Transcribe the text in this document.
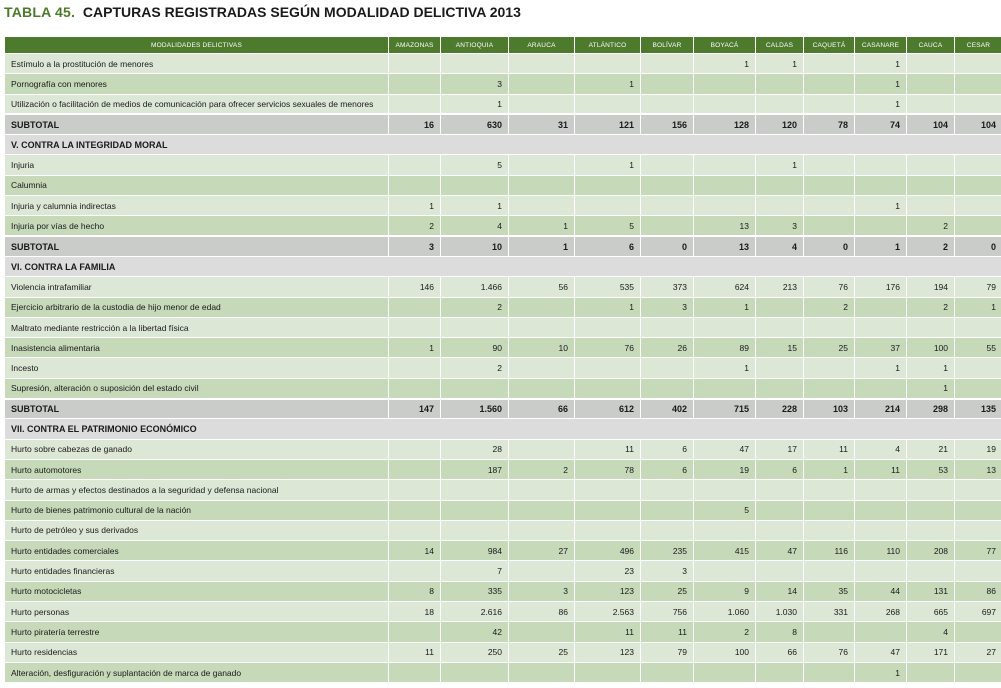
TABLA 45. CAPTURAS REGISTRADAS SEGÚN MODALIDAD DELICTIVA 2013
MODALIDADES DELICTIVAS	AMAZONAS	ANTIOQUIA	ARAUCA	ATLÁNTICO	BOLÍVAR	BOYACÁ	CALDAS	CAQUETÁ	CASANARE	CAUCA	CESAR
Estímulo a la prostitución de menores						1	1		1		
Pornografía con menores		3		1					1		
Utilización o facilitación de medios de comunicación para ofrecer servicios sexuales de menores		1							1		
SUBTOTAL	16	630	31	121	156	128	120	78	74	104	104
V. CONTRA LA INTEGRIDAD MORAL											
Injuria		5		1			1				
Calumnia											
Injuria y calumnia indirectas	1	1							1		
Injuria por vías de hecho	2	4	1	5		13	3			2	
SUBTOTAL	3	10	1	6	0	13	4	0	1	2	0
VI. CONTRA LA FAMILIA											
Violencia intrafamiliar	146	1.466	56	535	373	624	213	76	176	194	79
Ejercicio arbitrario de la custodia de hijo menor de edad		2		1	3	1		2		2	1
Maltrato mediante restricción a la libertad física											
Inasistencia alimentaria	1	90	10	76	26	89	15	25	37	100	55
Incesto		2				1			1	1	
Supresión, alteración o suposición del estado civil										1	
SUBTOTAL	147	1.560	66	612	402	715	228	103	214	298	135
VII. CONTRA EL PATRIMONIO ECONÓMICO											
Hurto sobre cabezas de ganado		28		11	6	47	17	11	4	21	19
Hurto automotores		187	2	78	6	19	6	1	11	53	13
Hurto de armas y efectos destinados a la seguridad y defensa nacional											
Hurto de bienes patrimonio cultural de la nación						5					
Hurto de petróleo y sus derivados											
Hurto entidades comerciales	14	984	27	496	235	415	47	116	110	208	77
Hurto entidades financieras		7		23	3						
Hurto motocicletas	8	335	3	123	25	9	14	35	44	131	86
Hurto personas	18	2.616	86	2.563	756	1.060	1.030	331	268	665	697
Hurto piratería terrestre		42		11	11	2	8			4	
Hurto residencias	11	250	25	123	79	100	66	76	47	171	27
Alteración, desfiguración y suplantación de marca de ganado									1		
